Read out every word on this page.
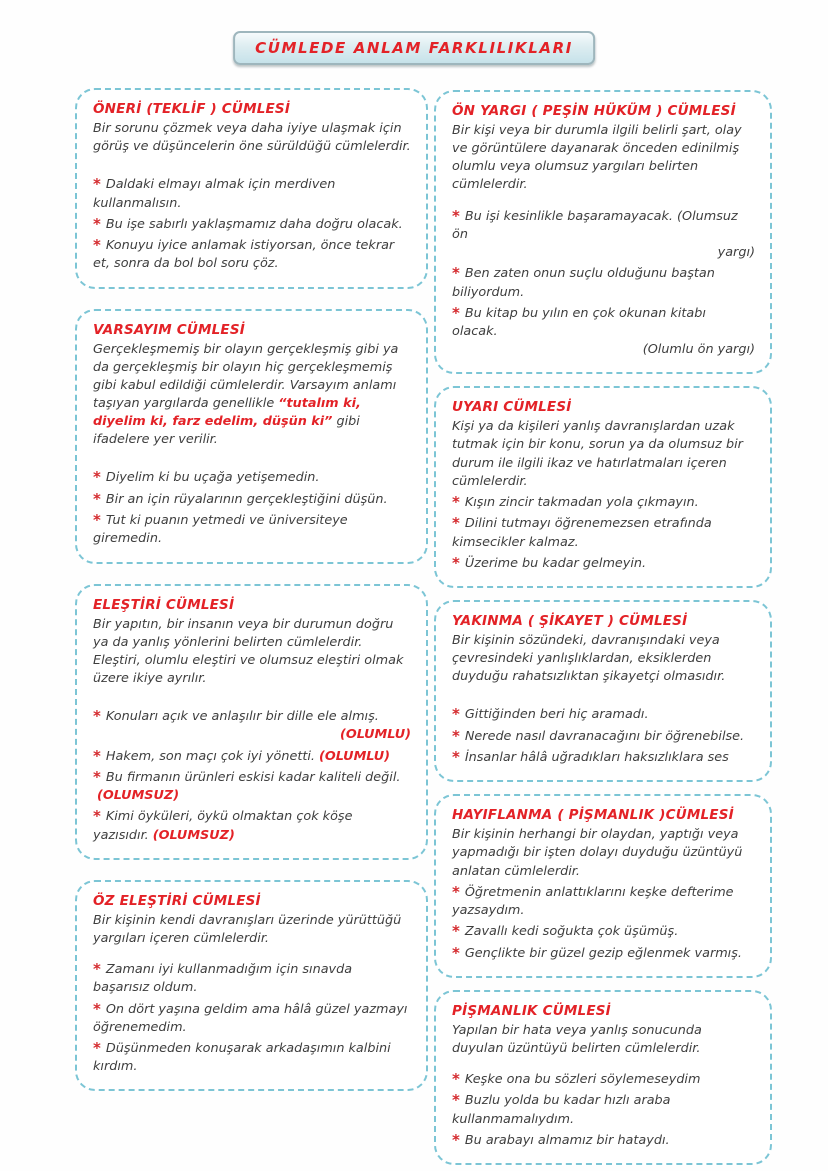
CÜMLEDE ANLAM FARKLILIKLARI
ÖNERİ (TEKLİF ) CÜMLESİ

Bir sorunu çözmek veya daha iyiye ulaşmak için görüş ve düşüncelerin öne sürüldüğü cümlelerdir.

* Daldaki elmayı almak için merdiven kullanmalısın.
* Bu işe sabırlı yaklaşmamız daha doğru olacak.
* Konuyu iyice anlamak istiyorsan, önce tekrar et, sonra da bol bol soru çöz.
VARSAYIM CÜMLESİ

Gerçekleşmemiş bir olayın gerçekleşmiş gibi ya da gerçekleşmiş bir olayın hiç gerçekleşmemiş gibi kabul edildiği cümlelerdir. Varsayım anlamı taşıyan yargılarda genellikle “tutalım ki, diyelim ki, farz edelim, düşün ki” gibi ifadelere yer verilir.

* Diyelim ki bu uçağa yetişemedin.
* Bir an için rüyalarının gerçekleştiğini düşün.
* Tut ki puanın yetmedi ve üniversiteye giremedin.
ELEŞTİRİ CÜMLESİ

Bir yapıtın, bir insanın veya bir durumun doğru ya da yanlış yönlerini belirten cümlelerdir. Eleştiri, olumlu eleştiri ve olumsuz eleştiri olmak üzere ikiye ayrılır.

* Konuları açık ve anlaşılır bir dille ele almış.
(OLUMLU)
* Hakem, son maçı çok iyi yönetti. (OLUMLU)
* Bu firmanın ürünleri eskisi kadar kaliteli değil.(OLUMSUZ)
* Kimi öyküleri, öykü olmaktan çok köşe yazısıdır. (OLUMSUZ)
ÖZ ELEŞTİRİ CÜMLESİ

Bir kişinin kendi davranışları üzerinde yürüttüğü yargıları içeren cümlelerdir.

* Zamanı iyi kullanmadığım için sınavda başarısız oldum.
* On dört yaşına geldim ama hâlâ güzel yazmayı öğrenemedim.
* Düşünmeden konuşarak arkadaşımın kalbini kırdım.
ÖN YARGI ( PEŞİN HÜKÜM ) CÜMLESİ

Bir kişi veya bir durumla ilgili belirli şart, olay ve görüntülere dayanarak önceden edinilmiş olumlu veya olumsuz yargıları belirten cümlelerdir.

* Bu işi kesinlikle başaramayacak. (Olumsuz ön
yargı)
* Ben zaten onun suçlu olduğunu baştan biliyordum.
* Bu kitap bu yılın en çok okunan kitabı olacak.
(Olumlu ön yargı)
UYARI CÜMLESİ

Kişi ya da kişileri yanlış davranışlardan uzak tutmak için bir konu, sorun ya da olumsuz bir durum ile ilgili ikaz ve hatırlatmaları içeren cümlelerdir.

* Kışın zincir takmadan yola çıkmayın.
* Dilini tutmayı öğrenemezsen etrafında kimsecikler kalmaz.
* Üzerime bu kadar gelmeyin.
YAKINMA ( ŞİKAYET ) CÜMLESİ

Bir kişinin sözündeki, davranışındaki veya çevresindeki yanlışlıklardan, eksiklerden duyduğu rahatsızlıktan şikayetçi olmasıdır.

* Gittiğinden beri hiç aramadı.
* Nerede nasıl davranacağını bir öğrenebilse.
* İnsanlar hâlâ uğradıkları haksızlıklara ses
HAYIFLANMA ( PİŞMANLIK )CÜMLESİ

Bir kişinin herhangi bir olaydan, yaptığı veya yapmadığı bir işten dolayı duyduğu üzüntüyü anlatan cümlelerdir.

* Öğretmenin anlattıklarını keşke defterime yazsaydım.
* Zavallı kedi soğukta çok üşümüş.
* Gençlikte bir güzel gezip eğlenmek varmış.
PİŞMANLIK CÜMLESİ

Yapılan bir hata veya yanlış sonucunda duyulan üzüntüyü belirten cümlelerdir.

* Keşke ona bu sözleri söylemeseydim
* Buzlu yolda bu kadar hızlı araba kullanmamalıydım.
* Bu arabayı almamız bir hataydı.
